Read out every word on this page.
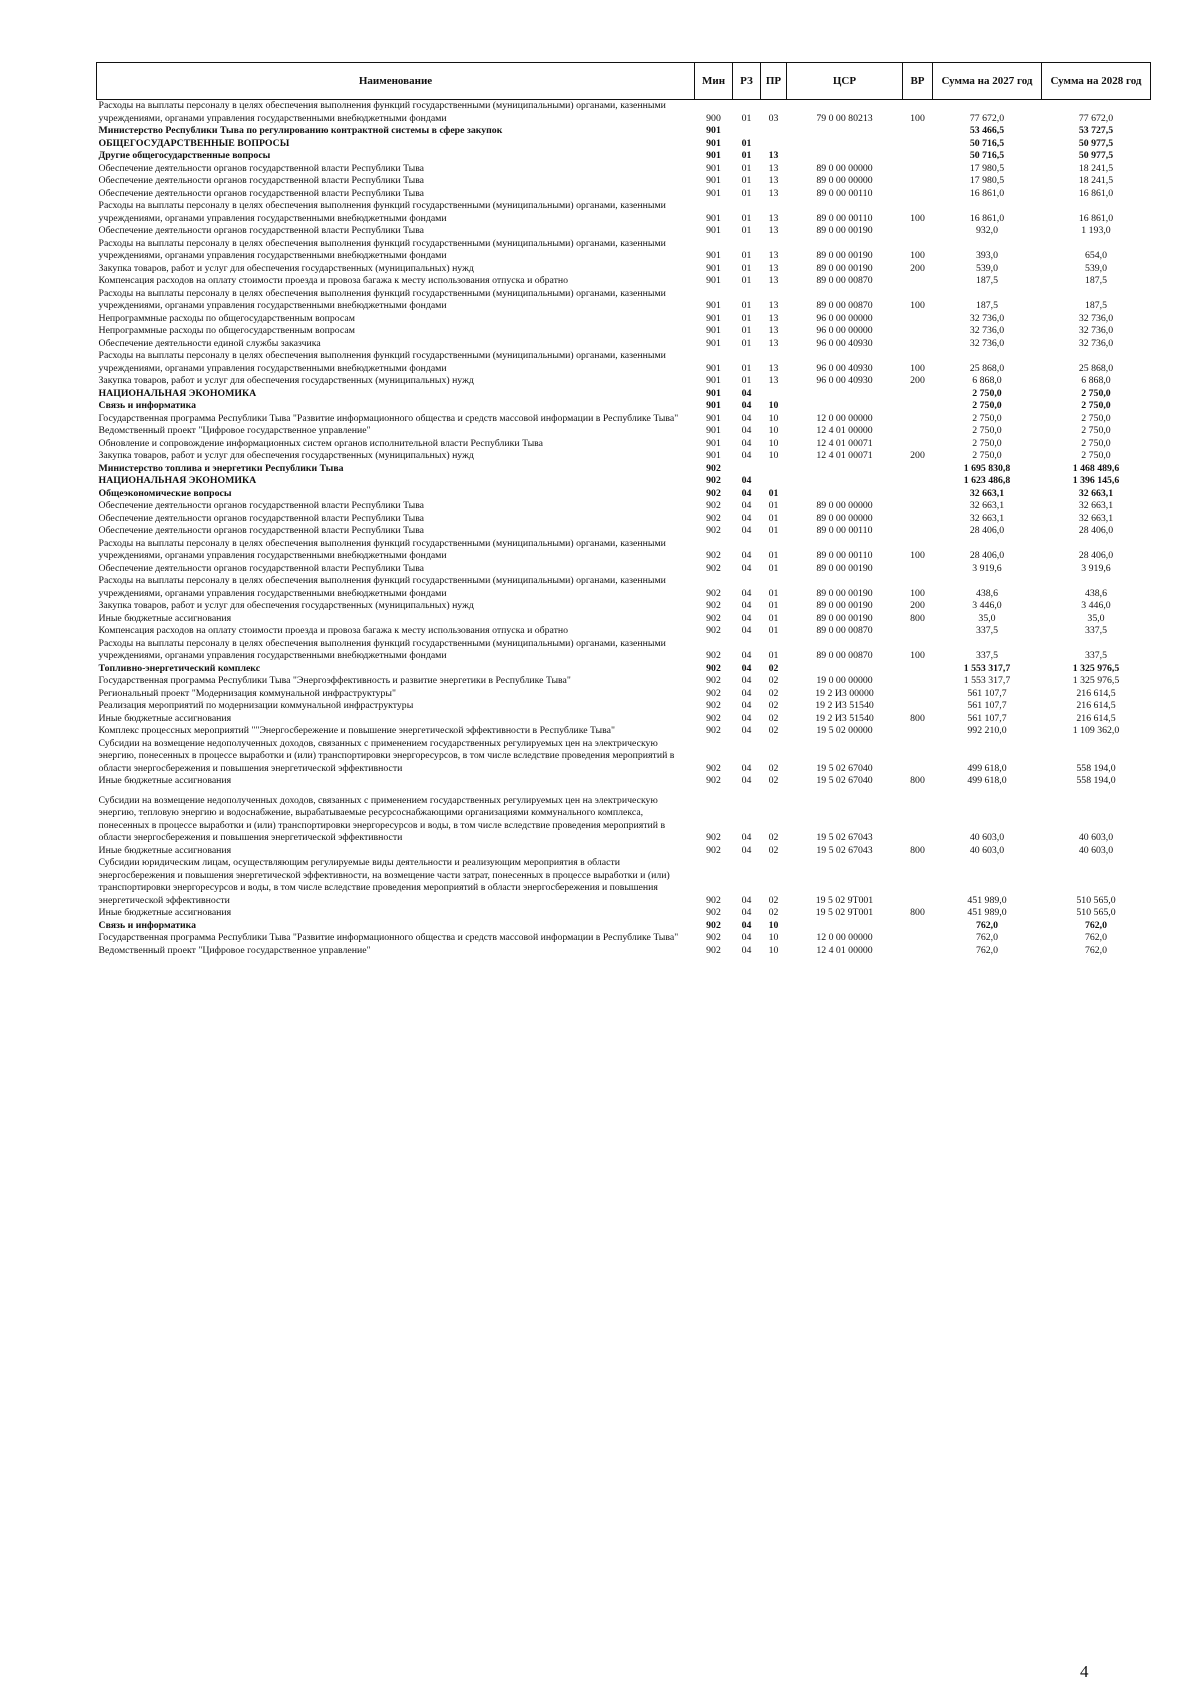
Наименование	Мин	РЗ	ПР	ЦСР	ВР	Сумма на 2027 год	Сумма на 2028 год
Расходы на выплаты персоналу в целях обеспечения выполнения функций государственными (муниципальными) органами, казенными учреждениями, органами управления государственными внебюджетными фондами	900	01	03	79 0 00 80213	100	77 672,0	77 672,0
Министерство Республики Тыва по регулированию контрактной системы в сфере закупок	901					53 466,5	53 727,5
ОБЩЕГОСУДАРСТВЕННЫЕ ВОПРОСЫ	901	01				50 716,5	50 977,5
Другие общегосударственные вопросы	901	01	13			50 716,5	50 977,5
Обеспечение деятельности органов государственной власти Республики Тыва	901	01	13	89 0 00 00000		17 980,5	18 241,5
Обеспечение деятельности органов государственной власти Республики Тыва	901	01	13	89 0 00 00000		17 980,5	18 241,5
Обеспечение деятельности органов государственной власти Республики Тыва	901	01	13	89 0 00 00110		16 861,0	16 861,0
Расходы на выплаты персоналу в целях обеспечения выполнения функций государственными (муниципальными) органами, казенными учреждениями, органами управления государственными внебюджетными фондами	901	01	13	89 0 00 00110	100	16 861,0	16 861,0
Обеспечение деятельности органов государственной власти Республики Тыва	901	01	13	89 0 00 00190		932,0	1 193,0
Расходы на выплаты персоналу в целях обеспечения выполнения функций государственными (муниципальными) органами, казенными учреждениями, органами управления государственными внебюджетными фондами	901	01	13	89 0 00 00190	100	393,0	654,0
Закупка товаров, работ и услуг для обеспечения государственных (муниципальных) нужд	901	01	13	89 0 00 00190	200	539,0	539,0
Компенсация расходов на оплату стоимости проезда и провоза багажа к месту использования отпуска и обратно	901	01	13	89 0 00 00870		187,5	187,5
Расходы на выплаты персоналу в целях обеспечения выполнения функций государственными (муниципальными) органами, казенными учреждениями, органами управления государственными внебюджетными фондами	901	01	13	89 0 00 00870	100	187,5	187,5
Непрограммные расходы по общегосударственным вопросам	901	01	13	96 0 00 00000		32 736,0	32 736,0
Непрограммные расходы по общегосударственным вопросам	901	01	13	96 0 00 00000		32 736,0	32 736,0
Обеспечение деятельности единой службы заказчика	901	01	13	96 0 00 40930		32 736,0	32 736,0
Расходы на выплаты персоналу в целях обеспечения выполнения функций государственными (муниципальными) органами, казенными учреждениями, органами управления государственными внебюджетными фондами	901	01	13	96 0 00 40930	100	25 868,0	25 868,0
Закупка товаров, работ и услуг для обеспечения государственных (муниципальных) нужд	901	01	13	96 0 00 40930	200	6 868,0	6 868,0
НАЦИОНАЛЬНАЯ ЭКОНОМИКА	901	04				2 750,0	2 750,0
Связь и информатика	901	04	10			2 750,0	2 750,0
Государственная программа Республики Тыва "Развитие информационного общества и средств массовой информации в Республике Тыва"	901	04	10	12 0 00 00000		2 750,0	2 750,0
Ведомственный проект "Цифровое государственное управление"	901	04	10	12 4 01 00000		2 750,0	2 750,0
Обновление и сопровождение информационных систем органов исполнительной власти Республики Тыва	901	04	10	12 4 01 00071		2 750,0	2 750,0
Закупка товаров, работ и услуг для обеспечения государственных (муниципальных) нужд	901	04	10	12 4 01 00071	200	2 750,0	2 750,0
Министерство топлива и энергетики Республики Тыва	902					1 695 830,8	1 468 489,6
НАЦИОНАЛЬНАЯ ЭКОНОМИКА	902	04				1 623 486,8	1 396 145,6
Общеэкономические вопросы	902	04	01			32 663,1	32 663,1
Обеспечение деятельности органов государственной власти Республики Тыва	902	04	01	89 0 00 00000		32 663,1	32 663,1
Обеспечение деятельности органов государственной власти Республики Тыва	902	04	01	89 0 00 00000		32 663,1	32 663,1
Обеспечение деятельности органов государственной власти Республики Тыва	902	04	01	89 0 00 00110		28 406,0	28 406,0
Расходы на выплаты персоналу в целях обеспечения выполнения функций государственными (муниципальными) органами, казенными учреждениями, органами управления государственными внебюджетными фондами	902	04	01	89 0 00 00110	100	28 406,0	28 406,0
Обеспечение деятельности органов государственной власти Республики Тыва	902	04	01	89 0 00 00190		3 919,6	3 919,6
Расходы на выплаты персоналу в целях обеспечения выполнения функций государственными (муниципальными) органами, казенными учреждениями, органами управления государственными внебюджетными фондами	902	04	01	89 0 00 00190	100	438,6	438,6
Закупка товаров, работ и услуг для обеспечения государственных (муниципальных) нужд	902	04	01	89 0 00 00190	200	3 446,0	3 446,0
Иные бюджетные ассигнования	902	04	01	89 0 00 00190	800	35,0	35,0
Компенсация расходов на оплату стоимости проезда и провоза багажа к месту использования отпуска и обратно	902	04	01	89 0 00 00870		337,5	337,5
Расходы на выплаты персоналу в целях обеспечения выполнения функций государственными (муниципальными) органами, казенными учреждениями, органами управления государственными внебюджетными фондами	902	04	01	89 0 00 00870	100	337,5	337,5
Топливно-энергетический комплекс	902	04	02			1 553 317,7	1 325 976,5
Государственная программа Республики Тыва "Энергоэффективность и развитие энергетики в Республике Тыва"	902	04	02	19 0 00 00000		1 553 317,7	1 325 976,5
Региональный проект "Модернизация коммунальной инфраструктуры"	902	04	02	19 2 И3 00000		561 107,7	216 614,5
Реализация мероприятий по модернизации коммунальной инфраструктуры	902	04	02	19 2 И3 51540		561 107,7	216 614,5
Иные бюджетные ассигнования	902	04	02	19 2 И3 51540	800	561 107,7	216 614,5
Комплекс процессных мероприятий ""Энергосбережение и повышение энергетической эффективности в Республике Тыва"	902	04	02	19 5 02 00000		992 210,0	1 109 362,0
Субсидии на возмещение недополученных доходов, связанных с применением государственных регулируемых цен на электрическую энергию, понесенных в процессе выработки и (или) транспортировки энергоресурсов, в том числе вследствие проведения мероприятий в области энергосбережения и повышения энергетической эффективности	902	04	02	19 5 02 67040		499 618,0	558 194,0
Иные бюджетные ассигнования	902	04	02	19 5 02 67040	800	499 618,0	558 194,0
Субсидии на возмещение недополученных доходов, связанных с применением государственных регулируемых цен на электрическую энергию, тепловую энергию и водоснабжение, вырабатываемые ресурсоснабжающими организациями коммунального комплекса, понесенных в процессе выработки и (или) транспортировки энергоресурсов и воды, в том числе вследствие проведения мероприятий в области энергосбережения и повышения энергетической эффективности	902	04	02	19 5 02 67043		40 603,0	40 603,0
Иные бюджетные ассигнования	902	04	02	19 5 02 67043	800	40 603,0	40 603,0
Субсидии юридическим лицам, осуществляющим регулируемые виды деятельности и реализующим мероприятия в области энергосбережения и повышения энергетической эффективности, на возмещение части затрат, понесенных в процессе выработки и (или) транспортировки энергоресурсов и воды, в том числе вследствие проведения мероприятий в области энергосбережения и повышения энергетической эффективности	902	04	02	19 5 02 9Т001		451 989,0	510 565,0
Иные бюджетные ассигнования	902	04	02	19 5 02 9Т001	800	451 989,0	510 565,0
Связь и информатика	902	04	10			762,0	762,0
Государственная программа Республики Тыва "Развитие информационного общества и средств массовой информации в Республике Тыва"	902	04	10	12 0 00 00000		762,0	762,0
Ведомственный проект "Цифровое государственное управление"	902	04	10	12 4 01 00000		762,0	762,0
4
